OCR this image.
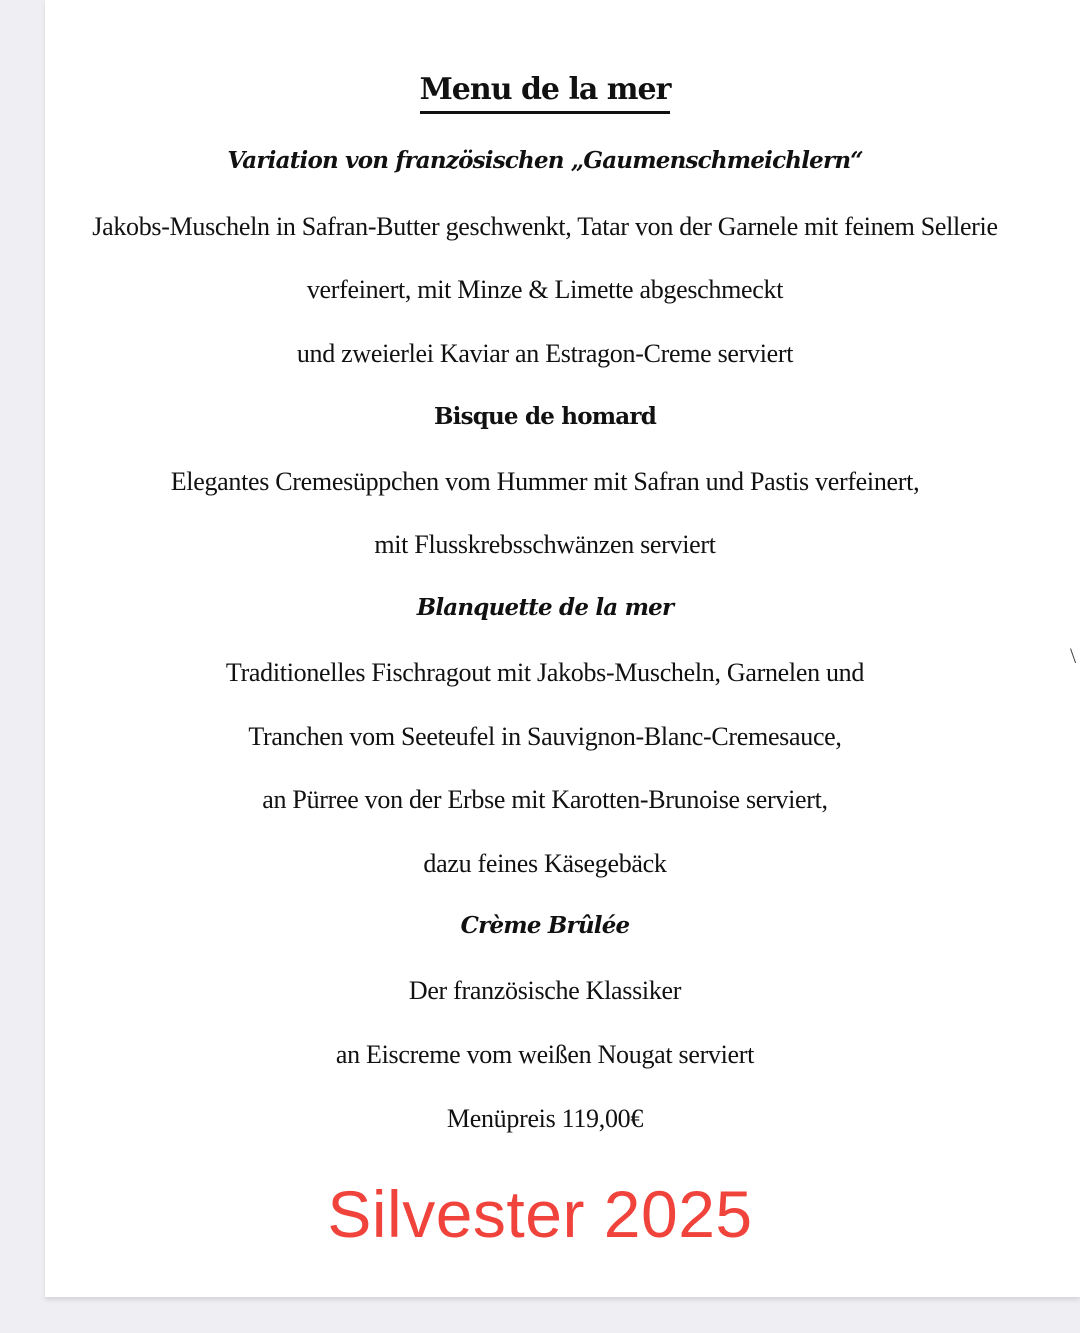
Menu de la mer
Variation von französischen „Gaumenschmeichlern“
Jakobs-Muscheln in Safran-Butter geschwenkt, Tatar von der Garnele mit feinem Sellerie
verfeinert, mit Minze & Limette abgeschmeckt
und zweierlei Kaviar an Estragon-Creme serviert
Bisque de homard
Elegantes Cremesüppchen vom Hummer mit Safran und Pastis verfeinert,
mit Flusskrebsschwänzen serviert
Blanquette de la mer
Traditionelles Fischragout mit Jakobs-Muscheln, Garnelen und
Tranchen vom Seeteufel in Sauvignon-Blanc-Cremesauce,
an Pürree von der Erbse mit Karotten-Brunoise serviert,
dazu feines Käsegebäck
Crème Brûlée
Der französische Klassiker
an Eiscreme vom weißen Nougat serviert
Menüpreis 119,00€
Silvester 2025
\
